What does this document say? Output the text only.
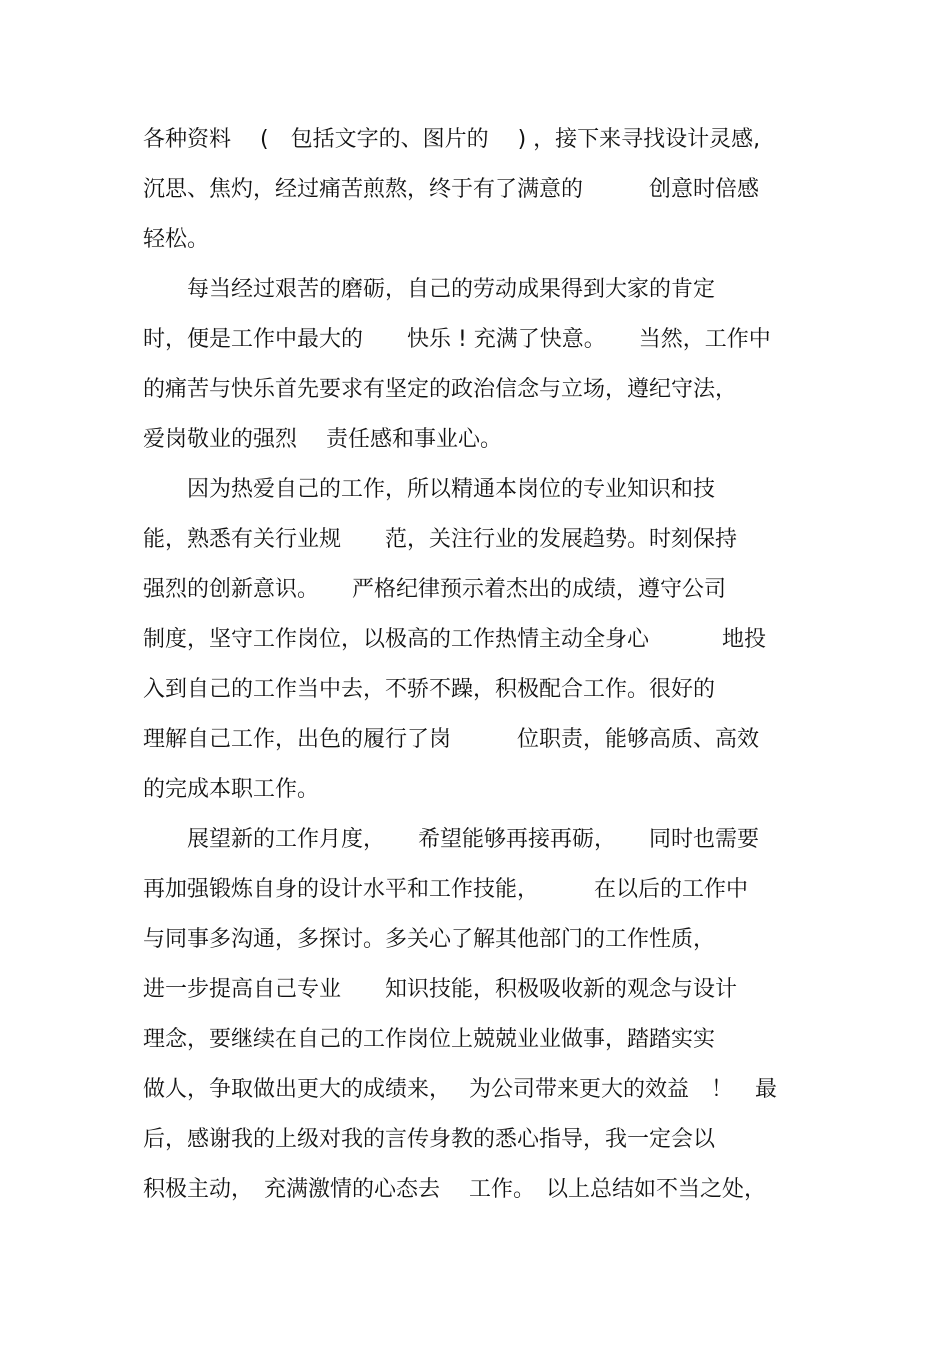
各种资料　 (　包括文字的、图片的　 ) ，接下来寻找设计灵感,

沉思、焦灼，经过痛苦煎熬，终于有了满意的　　　创意时倍感

轻松。

　　每当经过艰苦的磨砺，自己的劳动成果得到大家的肯定

时，便是工作中最大的　　快乐 ! 充满了快意。　　当然，工作中

的痛苦与快乐首先要求有坚定的政治信念与立场，遵纪守法，

爱岗敬业的强烈　 责任感和事业心。

　　因为热爱自己的工作，所以精通本岗位的专业知识和技

能，熟悉有关行业规　　范，关注行业的发展趋势。时刻保持

强烈的创新意识。　　严格纪律预示着杰出的成绩，遵守公司

制度，坚守工作岗位，以极高的工作热情主动全身心　　　 地投

入到自己的工作当中去，不骄不躁，积极配合工作。很好的

理解自己工作，出色的履行了岗　　　位职责，能够高质、高效

的完成本职工作。

　　展望新的工作月度，　　希望能够再接再砺，　　同时也需要

再加强锻炼自身的设计水平和工作技能，　　　在以后的工作中

与同事多沟通，多探讨。多关心了解其他部门的工作性质，

进一步提高自己专业　　知识技能，积极吸收新的观念与设计

理念，要继续在自己的工作岗位上兢兢业业做事，踏踏实实

做人，争取做出更大的成绩来，　 为公司带来更大的效益　！　最

后，感谢我的上级对我的言传身教的悉心指导，我一定会以

积极主动，　充满激情的心态去　 工作。　以上总结如不当之处，
